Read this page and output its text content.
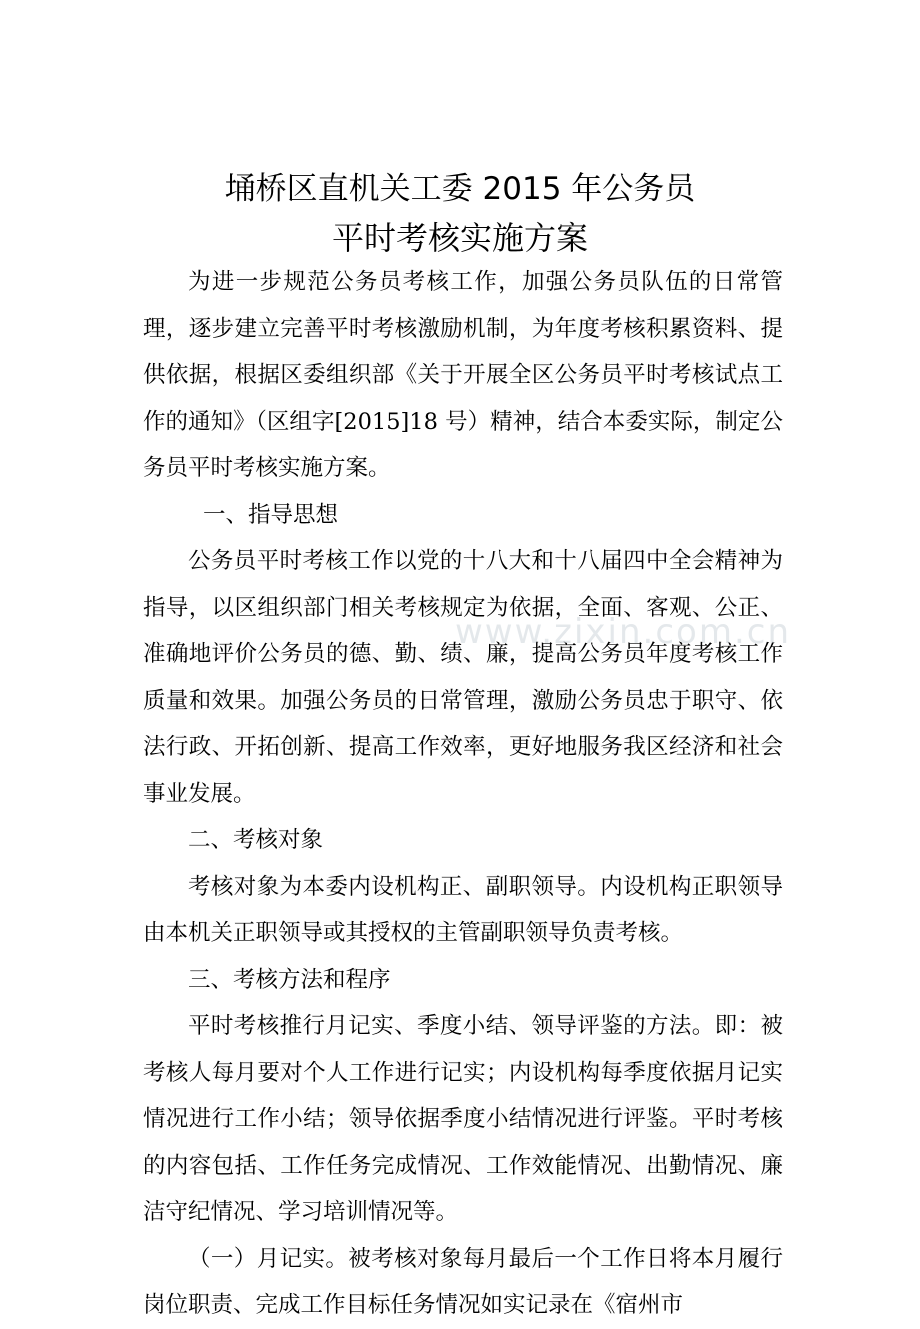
埇桥区直机关工委 2015 年公务员
平时考核实施方案

为进一步规范公务员考核工作，加强公务员队伍的日常管理，逐步建立完善平时考核激励机制，为年度考核积累资料、提供依据，根据区委组织部《关于开展全区公务员平时考核试点工作的通知》（区组字[2015]18 号）精神，结合本委实际，制定公务员平时考核实施方案。

一、指导思想

公务员平时考核工作以党的十八大和十八届四中全会精神为指导，以区组织部门相关考核规定为依据，全面、客观、公正、准确地评价公务员的德、勤、绩、廉，提高公务员年度考核工作质量和效果。加强公务员的日常管理，激励公务员忠于职守、依法行政、开拓创新、提高工作效率，更好地服务我区经济和社会事业发展。

二、考核对象

考核对象为本委内设机构正、副职领导。内设机构正职领导由本机关正职领导或其授权的主管副职领导负责考核。

三、考核方法和程序

平时考核推行月记实、季度小结、领导评鉴的方法。即：被考核人每月要对个人工作进行记实；内设机构每季度依据月记实情况进行工作小结；领导依据季度小结情况进行评鉴。平时考核的内容包括、工作任务完成情况、工作效能情况、出勤情况、廉洁守纪情况、学习培训情况等。

（一）月记实。被考核对象每月最后一个工作日将本月履行岗位职责、完成工作目标任务情况如实记录在《宿州市

www.zixin.com.cn
